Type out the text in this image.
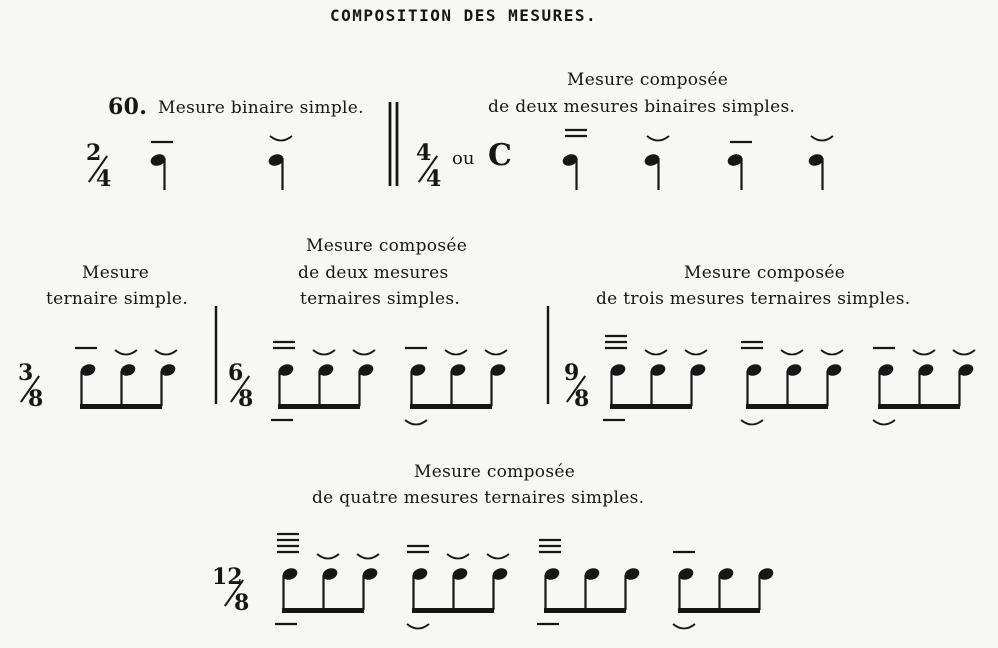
COMPOSITION DES MESURES.
60. Mesure binaire simple.
Mesure composée
de deux mesures binaires simples.
2
4
4
4
ou C
Mesure
ternaire simple.
Mesure composée
de deux mesures
ternaires simples.
Mesure composée
de trois mesures ternaires simples.
3
8
6
8
9
8
Mesure composée
de quatre mesures ternaires simples.
12
8
